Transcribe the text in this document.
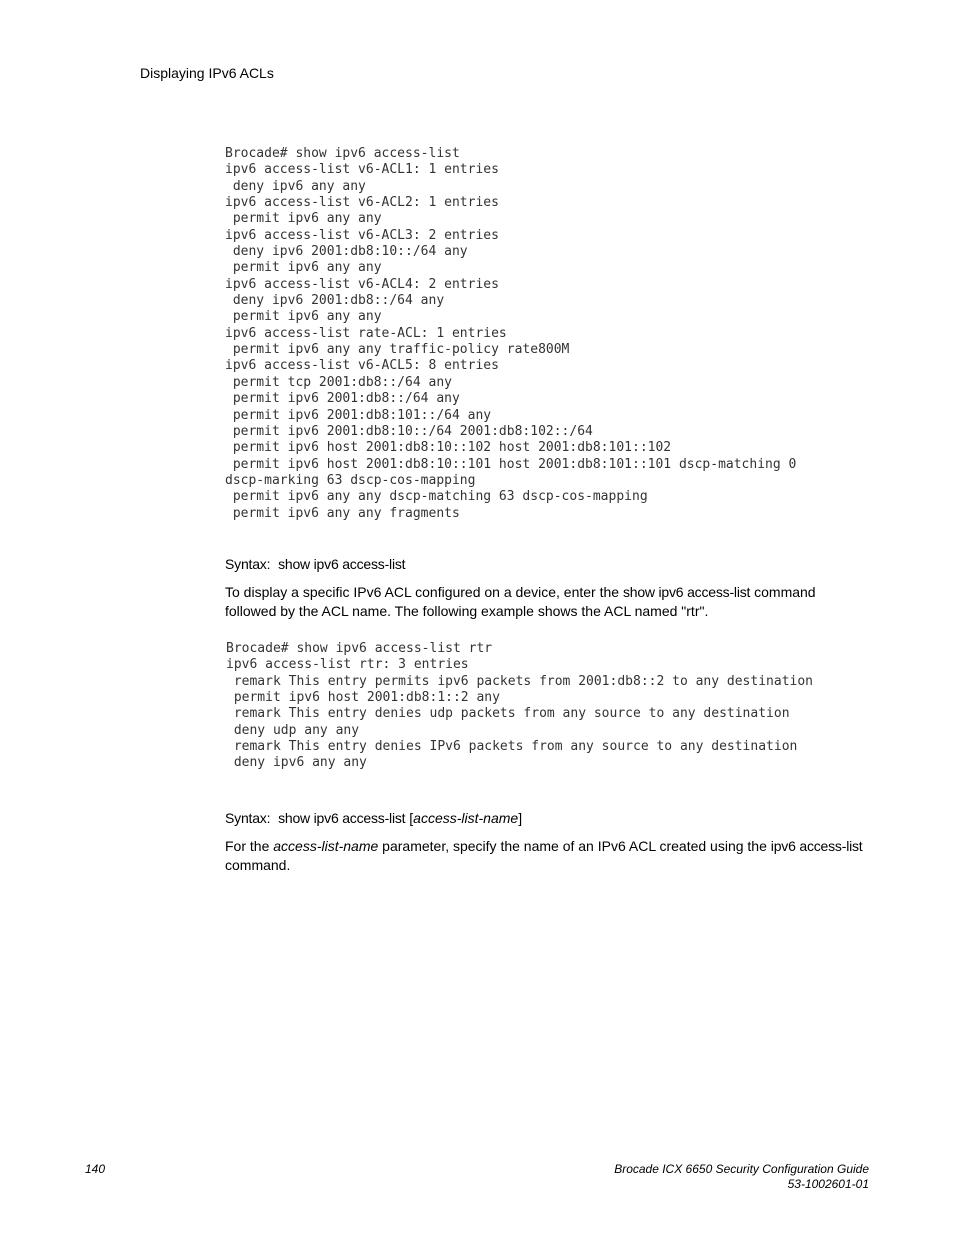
Displaying IPv6 ACLs
Brocade# show ipv6 access-list
ipv6 access-list v6-ACL1: 1 entries
deny ipv6 any any
ipv6 access-list v6-ACL2: 1 entries
permit ipv6 any any
ipv6 access-list v6-ACL3: 2 entries
deny ipv6 2001:db8:10::/64 any
permit ipv6 any any
ipv6 access-list v6-ACL4: 2 entries
deny ipv6 2001:db8::/64 any
permit ipv6 any any
ipv6 access-list rate-ACL: 1 entries
permit ipv6 any any traffic-policy rate800M
ipv6 access-list v6-ACL5: 8 entries
permit tcp 2001:db8::/64 any
permit ipv6 2001:db8::/64 any
permit ipv6 2001:db8:101::/64 any
permit ipv6 2001:db8:10::/64 2001:db8:102::/64
permit ipv6 host 2001:db8:10::102 host 2001:db8:101::102
permit ipv6 host 2001:db8:10::101 host 2001:db8:101::101 dscp-matching 0
dscp-marking 63 dscp-cos-mapping
permit ipv6 any any dscp-matching 63 dscp-cos-mapping
permit ipv6 any any fragments
Syntax: show ipv6 access-list

To display a specific IPv6 ACL configured on a device, enter the show ipv6 access-list command followed by the ACL name. The following example shows the ACL named "rtr".

Brocade# show ipv6 access-list rtr
ipv6 access-list rtr: 3 entries
remark This entry permits ipv6 packets from 2001:db8::2 to any destination
permit ipv6 host 2001:db8:1::2 any
remark This entry denies udp packets from any source to any destination
deny udp any any
remark This entry denies IPv6 packets from any source to any destination
deny ipv6 any any
Syntax: show ipv6 access-list [access-list-name]

For the access-list-name parameter, specify the name of an IPv6 ACL created using the ipv6 access-list command.

140	Brocade ICX 6650 Security Configuration Guide
53-1002601-01
